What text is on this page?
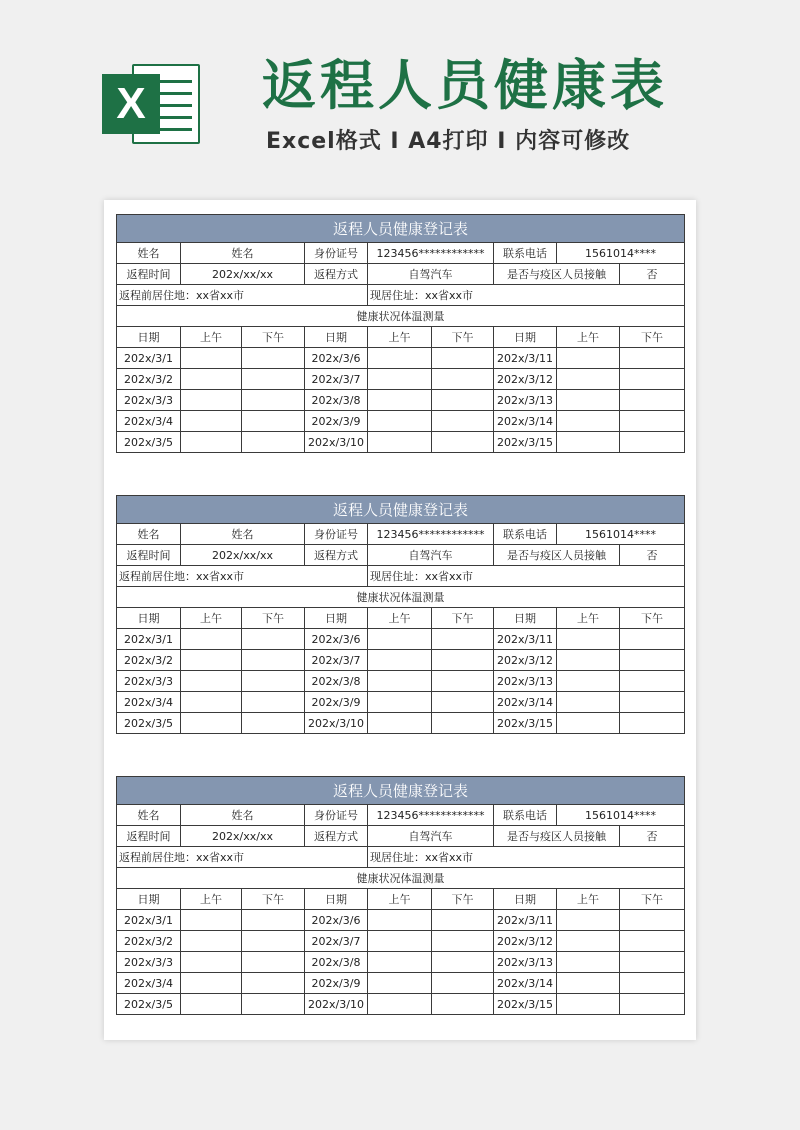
X 返程人员健康表
Excel格式 I A4打印 I 内容可修改
返程人员健康登记表								
姓名	姓名		身份证号	123456************		联系电话	1561014****	
返程时间	202x/xx/xx		返程方式	自驾汽车		是否与疫区人员接触		否
返程前居住地：xx省xx市				现居住址：xx省xx市				
健康状况体温测量								
日期	上午	下午	日期	上午	下午	日期	上午	下午
202x/3/1			202x/3/6			202x/3/11		
202x/3/2			202x/3/7			202x/3/12		
202x/3/3			202x/3/8			202x/3/13		
202x/3/4			202x/3/9			202x/3/14		
202x/3/5			202x/3/10			202x/3/15		
返程人员健康登记表								
姓名	姓名		身份证号	123456************		联系电话	1561014****	
返程时间	202x/xx/xx		返程方式	自驾汽车		是否与疫区人员接触		否
返程前居住地：xx省xx市				现居住址：xx省xx市				
健康状况体温测量								
日期	上午	下午	日期	上午	下午	日期	上午	下午
202x/3/1			202x/3/6			202x/3/11		
202x/3/2			202x/3/7			202x/3/12		
202x/3/3			202x/3/8			202x/3/13		
202x/3/4			202x/3/9			202x/3/14		
202x/3/5			202x/3/10			202x/3/15		
返程人员健康登记表								
姓名	姓名		身份证号	123456************		联系电话	1561014****	
返程时间	202x/xx/xx		返程方式	自驾汽车		是否与疫区人员接触		否
返程前居住地：xx省xx市				现居住址：xx省xx市				
健康状况体温测量								
日期	上午	下午	日期	上午	下午	日期	上午	下午
202x/3/1			202x/3/6			202x/3/11		
202x/3/2			202x/3/7			202x/3/12		
202x/3/3			202x/3/8			202x/3/13		
202x/3/4			202x/3/9			202x/3/14		
202x/3/5			202x/3/10			202x/3/15		
